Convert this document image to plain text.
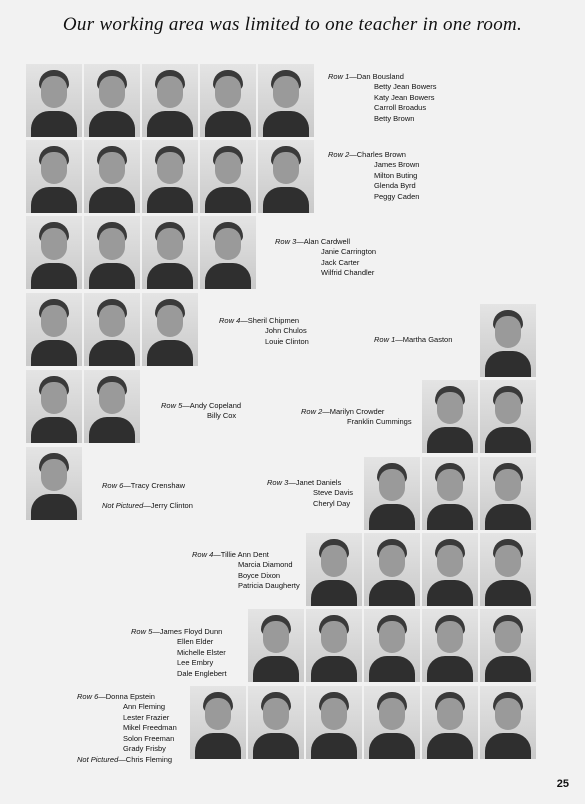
Our working area was limited to one teacher in one room.
Row 1—Dan Bousland
Betty Jean Bowers
Katy Jean Bowers
Carroll Broadus
Betty Brown
Row 2—Charles Brown
James Brown
Milton Buting
Glenda Byrd
Peggy Caden
Row 3—Alan Cardwell
Janie Carrington
Jack Carter
Wilfrid Chandler
Row 4—Sheril Chipmen
John Chulos
Louie Clinton
Row 5—Andy Copeland
Billy Cox
Row 6—Tracy Crenshaw
Not Pictured—Jerry Clinton
Row 1—Martha Gaston
Row 2—Marilyn Crowder
Franklin Cummings
Row 3—Janet Daniels
Steve Davis
Cheryl Day
Row 4—Tillie Ann Dent
Marcia Diamond
Boyce Dixon
Patricia Daugherty
Row 5—James Floyd Dunn
Ellen Elder
Michelle Elster
Lee Embry
Dale Englebert
Row 6—Donna Epstein
Ann Fleming
Lester Frazier
Mikel Freedman
Solon Freeman
Grady Frisby
Not Pictured—Chris Fleming
25
